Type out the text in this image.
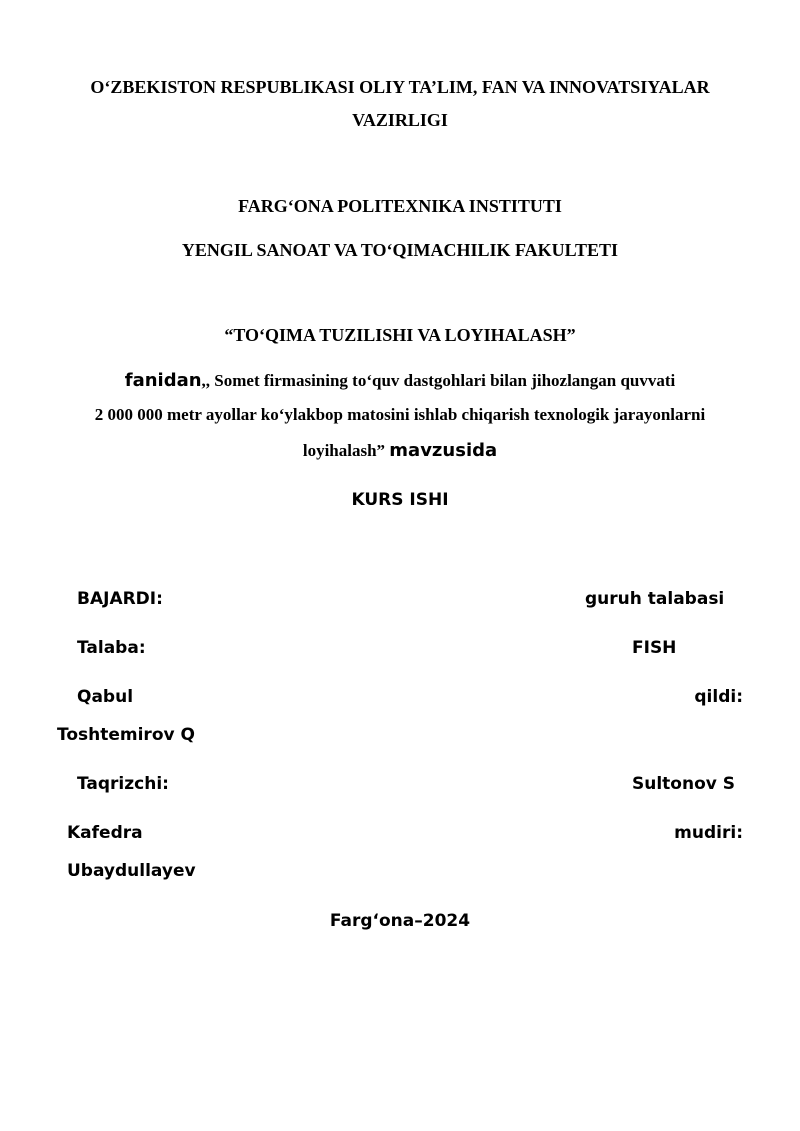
O‘ZBEKISTON RESPUBLIKASI OLIY TA’LIM, FAN VA INNOVATSIYALAR
VAZIRLIGI
FARG‘ONA POLITEXNIKA INSTITUTI
YENGIL SANOAT VA TO‘QIMACHILIK FAKULTETI
“TO‘QIMA TUZILISHI VA LOYIHALASH”
fanidan,, Somet firmasining to‘quv dastgohlari bilan jihozlangan quvvati
2 000 000 metr ayollar ko‘ylakbop matosini ishlab chiqarish texnologik jarayonlarni
loyihalash” mavzusida
KURS ISHI
BAJARDI:	guruh talabasi
Talaba:	FISH
Qabul	qildi:
Toshtemirov Q
Taqrizchi:	Sultonov S
Kafedra	mudiri:
Ubaydullayev
Farg‘ona–2024
